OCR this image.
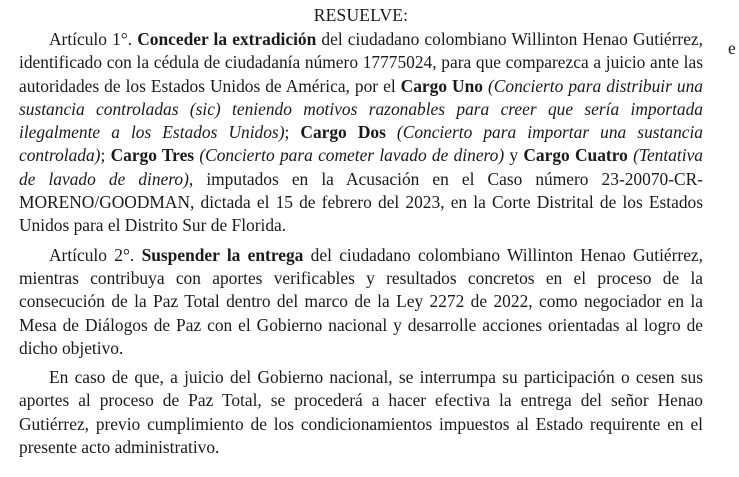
RESUELVE:

Artículo 1°. Conceder la extradición del ciudadano colombiano Willinton Henao Gutiérrez, identificado con la cédula de ciudadanía número 17775024, para que comparezca a juicio ante las autoridades de los Estados Unidos de América, por el Cargo Uno (Concierto para distribuir una sustancia controladas (sic) teniendo motivos razonables para creer que sería importada ilegalmente a los Estados Unidos); Cargo Dos (Concierto para importar una sustancia controlada); Cargo Tres (Concierto para cometer lavado de dinero) y Cargo Cuatro (Tentativa de lavado de dinero), imputados en la Acusación en el Caso número 23-20070-CR-MORENO/GOODMAN, dictada el 15 de febrero del 2023, en la Corte Distrital de los Estados Unidos para el Distrito Sur de Florida.

Artículo 2°. Suspender la entrega del ciudadano colombiano Willinton Henao Gutiérrez, mientras contribuya con aportes verificables y resultados concretos en el proceso de la consecución de la Paz Total dentro del marco de la Ley 2272 de 2022, como negociador en la Mesa de Diálogos de Paz con el Gobierno nacional y desarrolle acciones orientadas al logro de dicho objetivo.

En caso de que, a juicio del Gobierno nacional, se interrumpa su participación o cesen sus aportes al proceso de Paz Total, se procederá a hacer efectiva la entrega del señor Henao Gutiérrez, previo cumplimiento de los condicionamientos impuestos al Estado requirente en el presente acto administrativo.

e
